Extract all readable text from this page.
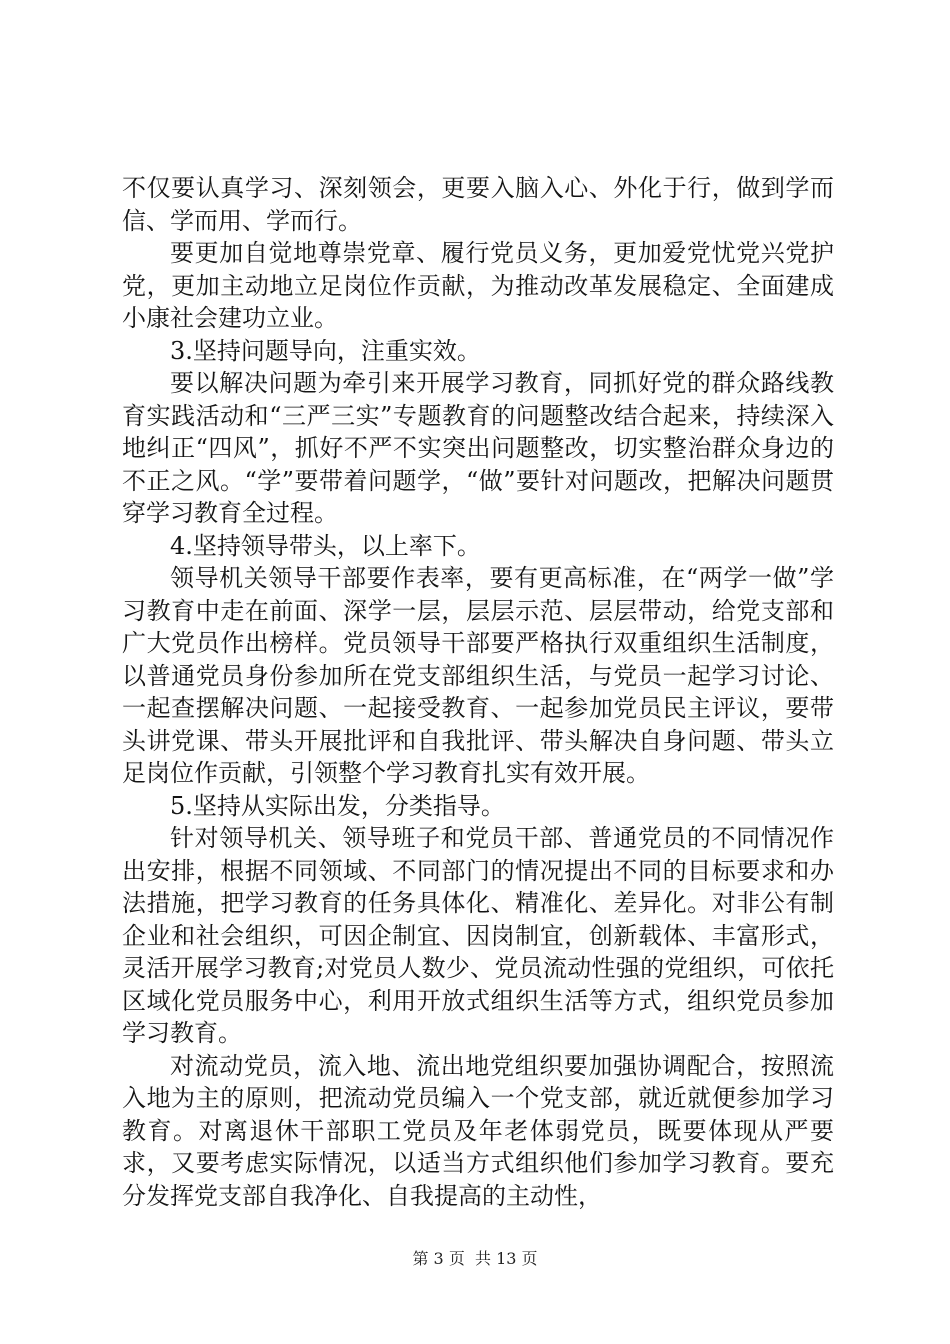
不仅要认真学习、深刻领会，更要入脑入心、外化于行，做到学而信、学而用、学而行。

要更加自觉地尊崇党章、履行党员义务，更加爱党忧党兴党护党，更加主动地立足岗位作贡献，为推动改革发展稳定、全面建成小康社会建功立业。

3.坚持问题导向，注重实效。

要以解决问题为牵引来开展学习教育，同抓好党的群众路线教育实践活动和“三严三实”专题教育的问题整改结合起来，持续深入地纠正“四风”，抓好不严不实突出问题整改，切实整治群众身边的不正之风。“学”要带着问题学，“做”要针对问题改，把解决问题贯穿学习教育全过程。

4.坚持领导带头，以上率下。

领导机关领导干部要作表率，要有更高标准，在“两学一做”学习教育中走在前面、深学一层，层层示范、层层带动，给党支部和广大党员作出榜样。党员领导干部要严格执行双重组织生活制度，以普通党员身份参加所在党支部组织生活，与党员一起学习讨论、一起查摆解决问题、一起接受教育、一起参加党员民主评议，要带头讲党课、带头开展批评和自我批评、带头解决自身问题、带头立足岗位作贡献，引领整个学习教育扎实有效开展。

5.坚持从实际出发，分类指导。

针对领导机关、领导班子和党员干部、普通党员的不同情况作出安排，根据不同领域、不同部门的情况提出不同的目标要求和办法措施，把学习教育的任务具体化、精准化、差异化。对非公有制企业和社会组织，可因企制宜、因岗制宜，创新载体、丰富形式，灵活开展学习教育;对党员人数少、党员流动性强的党组织，可依托区域化党员服务中心，利用开放式组织生活等方式，组织党员参加学习教育。

对流动党员，流入地、流出地党组织要加强协调配合，按照流入地为主的原则，把流动党员编入一个党支部，就近就便参加学习教育。对离退休干部职工党员及年老体弱党员，既要体现从严要求，又要考虑实际情况，以适当方式组织他们参加学习教育。要充分发挥党支部自我净化、自我提高的主动性，

第 3 页  共 13 页
